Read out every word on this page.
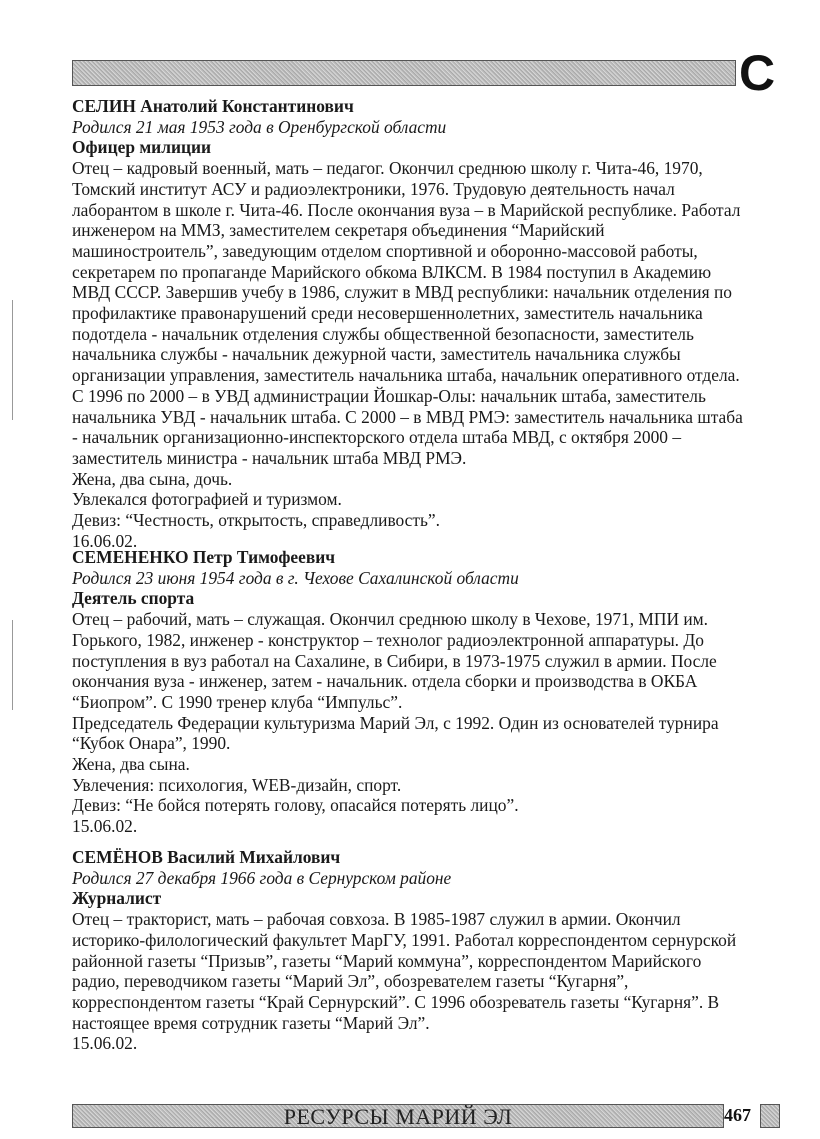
С
СЕЛИН Анатолий Константинович
Родился 21 мая 1953 года в Оренбургской области
Офицер милиции
Отец – кадровый военный, мать – педагог. Окончил среднюю школу г. Чита-46, 1970,
Томский институт АСУ и радиоэлектроники, 1976. Трудовую деятельность начал
лаборантом в школе г. Чита-46. После окончания вуза – в Марийской республике. Работал
инженером на ММЗ, заместителем секретаря объединения “Марийский
машиностроитель”, заведующим отделом спортивной и оборонно-массовой работы,
секретарем по пропаганде Марийского обкома ВЛКСМ. В 1984 поступил в Академию
МВД СССР. Завершив учебу в 1986, служит в МВД республики: начальник отделения по
профилактике правонарушений среди несовершеннолетних, заместитель начальника
подотдела - начальник отделения службы общественной безопасности, заместитель
начальника службы - начальник дежурной части, заместитель начальника службы
организации управления, заместитель начальника штаба, начальник оперативного отдела.
С 1996 по 2000 – в УВД администрации Йошкар-Олы: начальник штаба, заместитель
начальника УВД - начальник штаба. С 2000 – в МВД РМЭ: заместитель начальника штаба
- начальник организационно-инспекторского отдела штаба МВД, с октября 2000 –
заместитель министра - начальник штаба МВД РМЭ.
Жена, два сына, дочь.
Увлекался фотографией и туризмом.
Девиз: “Честность, открытость, справедливость”.
16.06.02.
СЕМЕНЕНКО Петр Тимофеевич
Родился 23 июня 1954 года в г. Чехове Сахалинской области
Деятель спорта
Отец – рабочий, мать – служащая. Окончил среднюю школу в Чехове, 1971, МПИ им.
Горького, 1982, инженер - конструктор – технолог радиоэлектронной аппаратуры. До
поступления в вуз работал на Сахалине, в Сибири, в 1973-1975 служил в армии. После
окончания вуза - инженер, затем - начальник. отдела сборки и производства в ОКБА
“Биопром”. С 1990 тренер клуба “Импульс”.
Председатель Федерации культуризма Марий Эл, с 1992. Один из основателей турнира
“Кубок Онара”, 1990.
Жена, два сына.
Увлечения: психология, WEB-дизайн, спорт.
Девиз: “Не бойся потерять голову, опасайся потерять лицо”.
15.06.02.
СЕМЁНОВ Василий Михайлович
Родился 27 декабря 1966 года в Сернурском районе
Журналист
Отец – тракторист, мать – рабочая совхоза. В 1985-1987 служил в армии. Окончил
историко-филологический факультет МарГУ, 1991. Работал корреспондентом сернурской
районной газеты “Призыв”, газеты “Марий коммуна”, корреспондентом Марийского
радио, переводчиком газеты “Марий Эл”, обозревателем газеты “Кугарня”,
корреспондентом газеты “Край Сернурский”. С 1996 обозреватель газеты “Кугарня”. В
настоящее время сотрудник газеты “Марий Эл”.
15.06.02.
РЕСУРСЫ МАРИЙ ЭЛ	467
